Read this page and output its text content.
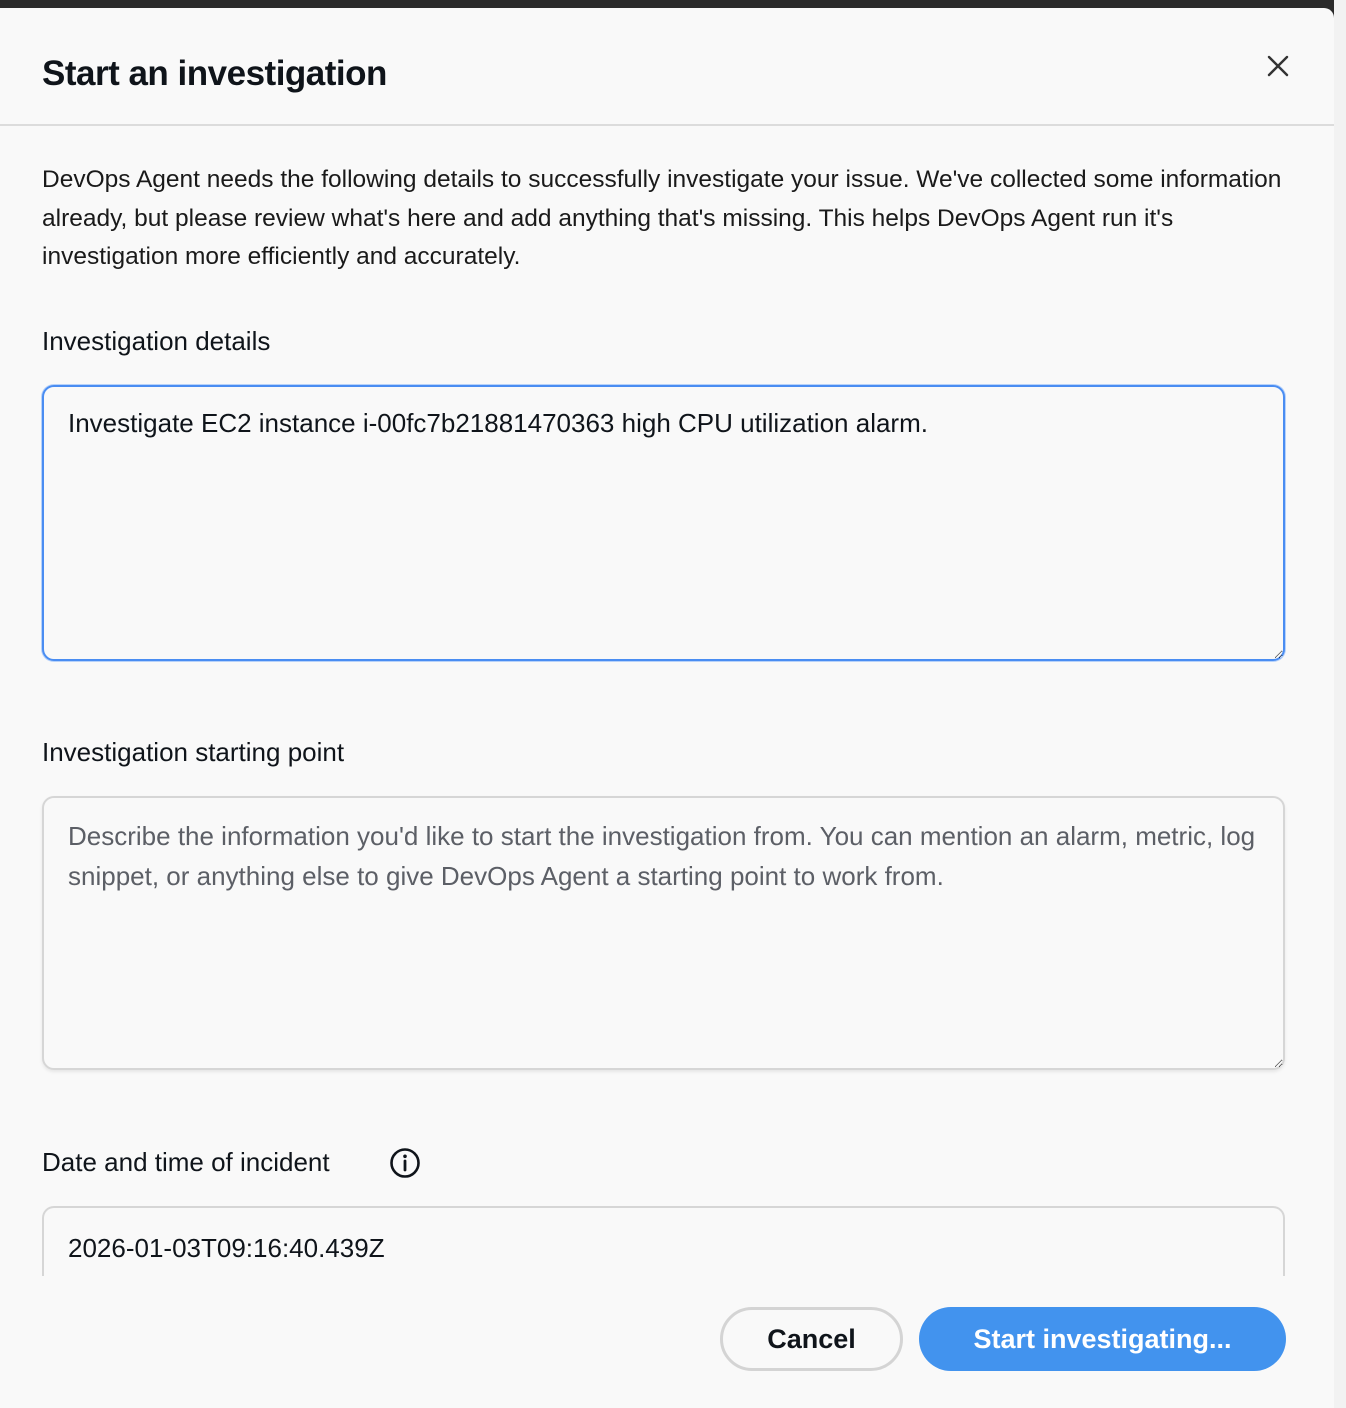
Start an investigation

DevOps Agent needs the following details to successfully investigate your issue. We've collected some information already, but please review what's here and add anything that's missing. This helps DevOps Agent run it's investigation more efficiently and accurately.

Investigation details
Investigate EC2 instance i-00fc7b21881470363 high CPU utilization alarm.
Investigation starting point
Describe the information you'd like to start the investigation from. You can mention an alarm, metric, log snippet, or anything else to give DevOps Agent a starting point to work from.
Date and time of incident
2026-01-03T09:16:40.439Z
Cancel	Start investigating...
